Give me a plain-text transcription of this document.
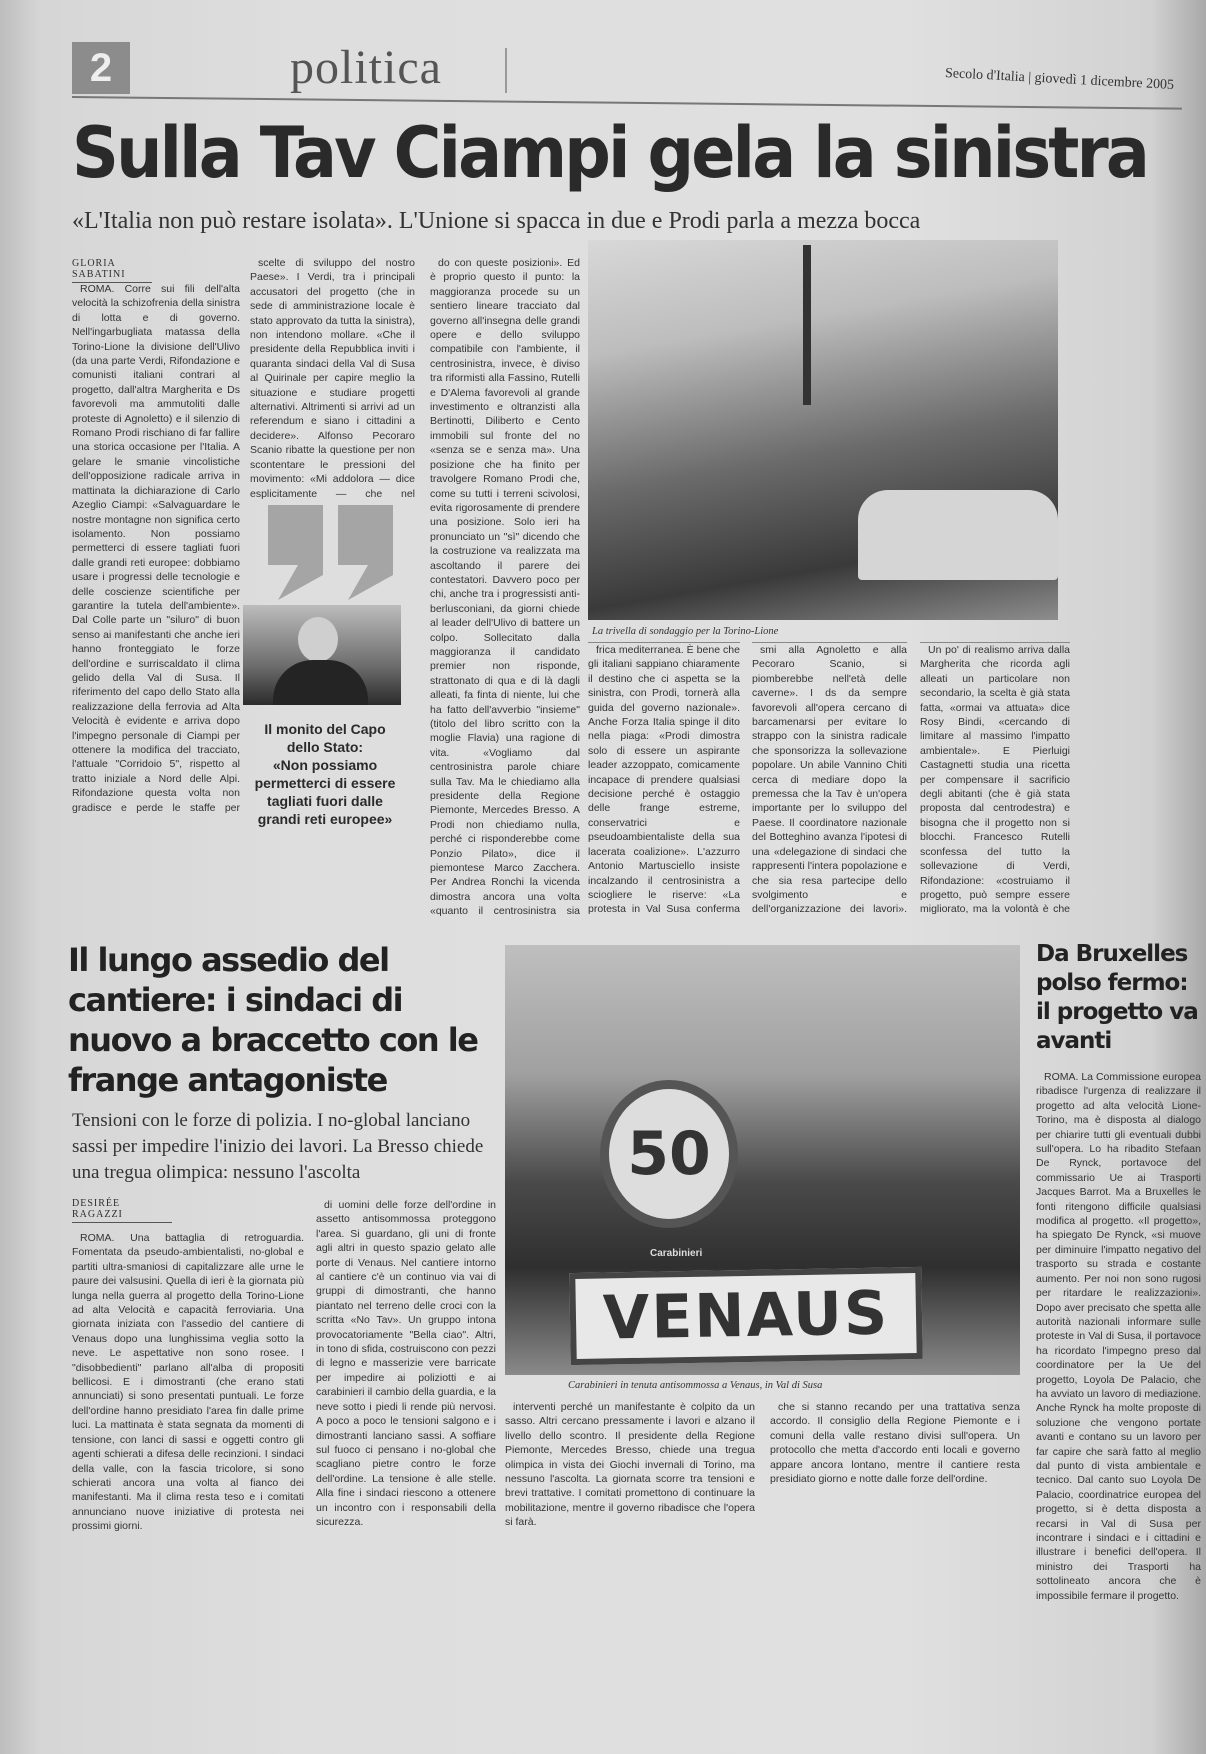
2	politica	Secolo d'Italia | giovedì 1 dicembre 2005
Sulla Tav Ciampi gela la sinistra
«L'Italia non può restare isolata». L'Unione si spacca in due e Prodi parla a mezza bocca
GLORIA SABATINI

ROMA. Corre sui fili dell'alta velocità la schizofrenia della sinistra di lotta e di governo. Nell'ingarbugliata matassa della Torino-Lione la divisione dell'Ulivo (da una parte Verdi, Rifondazione e comunisti italiani contrari al progetto, dall'altra Margherita e Ds favorevoli ma ammutoliti dalle proteste di Agnoletto) e il silenzio di Romano Prodi rischiano di far fallire una storica occasione per l'Italia. A gelare le smanie vincolistiche dell'opposizione radicale arriva in mattinata la dichiarazione di Carlo Azeglio Ciampi: «Salvaguardare le nostre montagne non significa certo isolamento. Non possiamo permetterci di essere tagliati fuori dalle grandi reti europee: dobbiamo usare i progressi delle tecnologie e delle coscienze scientifiche per garantire la tutela dell'ambiente». Dal Colle parte un "siluro" di buon senso ai manifestanti che anche ieri hanno fronteggiato le forze dell'ordine e surriscaldato il clima gelido della Val di Susa. Il riferimento del capo dello Stato alla realizzazione della ferrovia ad Alta Velocità è evidente e arriva dopo l'impegno personale di Ciampi per ottenere la modifica del tracciato, l'attuale "Corridoio 5", rispetto al tratto iniziale a Nord delle Alpi. Rifondazione questa volta non gradisce e perde le staffe per

scelte di sviluppo del nostro Paese». I Verdi, tra i principali accusatori del progetto (che in sede di amministrazione locale è stato approvato da tutta la sinistra), non intendono mollare. «Che il presidente della Repubblica inviti i quaranta sindaci della Val di Susa al Quirinale per capire meglio la situazione e studiare progetti alternativi. Altrimenti si arrivi ad un referendum e siano i cittadini a decidere». Alfonso Pecoraro Scanio ribatte la questione per non scontentare le pressioni del movimento: «Mi addolora — dice esplicitamente — che nel

Il monito del Capo dello Stato:
«Non possiamo permetterci di essere tagliati fuori dalle grandi reti europee»

do con queste posizioni». Ed è proprio questo il punto: la maggioranza procede su un sentiero lineare tracciato dal governo all'insegna delle grandi opere e dello sviluppo compatibile con l'ambiente, il centrosinistra, invece, è diviso tra riformisti alla Fassino, Rutelli e D'Alema favorevoli al grande investimento e oltranzisti alla Bertinotti, Diliberto e Cento immobili sul fronte del no «senza se e senza ma». Una posizione che ha finito per travolgere Romano Prodi che, come su tutti i terreni scivolosi, evita rigorosamente di prendere una posizione. Solo ieri ha pronunciato un "sì" dicendo che la costruzione va realizzata ma ascoltando il parere dei contestatori. Davvero poco per chi, anche tra i progressisti anti-berlusconiani, da giorni chiede al leader dell'Ulivo di battere un colpo. Sollecitato dalla maggioranza il candidato premier non risponde, strattonato di qua e di là dagli alleati, fa finta di niente, lui che ha fatto dell'avverbio "insieme" (titolo del libro scritto con la moglie Flavia) una ragione di vita. «Vogliamo dal centrosinistra parole chiare sulla Tav. Ma le chiediamo alla presidente della Regione Piemonte, Mercedes Bresso. A Prodi non chiediamo nulla, perché ci risponderebbe come Ponzio Pilato», dice il piemontese Marco Zacchera. Per Andrea Ronchi la vicenda dimostra ancora una volta «quanto il centrosinistra sia

La trivella di sondaggio per la Torino-Lione

frica mediterranea. È bene che gli italiani sappiano chiaramente il destino che ci aspetta se la sinistra, con Prodi, tornerà alla guida del governo nazionale». Anche Forza Italia spinge il dito nella piaga: «Prodi dimostra solo di essere un aspirante leader azzoppato, comicamente incapace di prendere qualsiasi decisione perché è ostaggio delle frange estreme, conservatrici e pseudoambientaliste della sua lacerata coalizione». L'azzurro Antonio Martusciello insiste incalzando il centrosinistra a sciogliere le riserve: «La protesta in Val Susa conferma

smi alla Agnoletto e alla Pecoraro Scanio, si piomberebbe nell'età delle caverne». I ds da sempre favorevoli all'opera cercano di barcamenarsi per evitare lo strappo con la sinistra radicale che sponsorizza la sollevazione popolare. Un abile Vannino Chiti cerca di mediare dopo la premessa che la Tav è un'opera importante per lo sviluppo del Paese. Il coordinatore nazionale del Botteghino avanza l'ipotesi di una «delegazione di sindaci che rappresenti l'intera popolazione e che sia resa partecipe dello svolgimento e dell'organizzazione dei lavori».

Un po' di realismo arriva dalla Margherita che ricorda agli alleati un particolare non secondario, la scelta è già stata fatta, «ormai va attuata» dice Rosy Bindi, «cercando di limitare al massimo l'impatto ambientale». E Pierluigi Castagnetti studia una ricetta per compensare il sacrificio degli abitanti (che è già stata proposta dal centrodestra) e bisogna che il progetto non si blocchi. Francesco Rutelli sconfessa del tutto la sollevazione di Verdi, Rifondazione: «costruiamo il progetto, può sempre essere migliorato, ma la volontà è che

Il lungo assedio del cantiere: i sindaci di nuovo a braccetto con le frange antagoniste
Tensioni con le forze di polizia. I no-global lanciano sassi per impedire l'inizio dei lavori. La Bresso chiede una tregua olimpica: nessuno l'ascolta
DESIRÉE RAGAZZI

ROMA. Una battaglia di retroguardia. Fomentata da pseudo-ambientalisti, no-global e partiti ultra-smaniosi di capitalizzare alle urne le paure dei valsusini. Quella di ieri è la giornata più lunga nella guerra al progetto della Torino-Lione ad alta Velocità e capacità ferroviaria. Una giornata iniziata con l'assedio del cantiere di Venaus dopo una lunghissima veglia sotto la neve. Le aspettative non sono rosee. I "disobbedienti" parlano all'alba di propositi bellicosi. E i dimostranti (che erano stati annunciati) si sono presentati puntuali. Le forze dell'ordine hanno presidiato l'area fin dalle prime luci. La mattinata è stata segnata da momenti di tensione, con lanci di sassi e oggetti contro gli agenti schierati a difesa delle recinzioni. I sindaci della valle, con la fascia tricolore, si sono schierati ancora una volta al fianco dei manifestanti. Ma il clima resta teso e i comitati annunciano nuove iniziative di protesta nei prossimi giorni.

di uomini delle forze dell'ordine in assetto antisommossa proteggono l'area. Si guardano, gli uni di fronte agli altri in questo spazio gelato alle porte di Venaus. Nel cantiere intorno al cantiere c'è un continuo via vai di gruppi di dimostranti, che hanno piantato nel terreno delle croci con la scritta «No Tav». Un gruppo intona provocatoriamente "Bella ciao". Altri, in tono di sfida, costruiscono con pezzi di legno e masserizie vere barricate per impedire ai poliziotti e ai carabinieri il cambio della guardia, e la neve sotto i piedi li rende più nervosi. A poco a poco le tensioni salgono e i dimostranti lanciano sassi. A soffiare sul fuoco ci pensano i no-global che scagliano pietre contro le forze dell'ordine. La tensione è alle stelle. Alla fine i sindaci riescono a ottenere un incontro con i responsabili della sicurezza.

50
Carabinieri
VENAUS
Carabinieri in tenuta antisommossa a Venaus, in Val di Susa

interventi perché un manifestante è colpito da un sasso. Altri cercano pressamente i lavori e alzano il livello dello scontro. Il presidente della Regione Piemonte, Mercedes Bresso, chiede una tregua olimpica in vista dei Giochi invernali di Torino, ma nessuno l'ascolta. La giornata scorre tra tensioni e brevi trattative. I comitati promettono di continuare la mobilitazione, mentre il governo ribadisce che l'opera si farà.

che si stanno recando per una trattativa senza accordo. Il consiglio della Regione Piemonte e i comuni della valle restano divisi sull'opera. Un protocollo che metta d'accordo enti locali e governo appare ancora lontano, mentre il cantiere resta presidiato giorno e notte dalle forze dell'ordine.

Da Bruxelles polso fermo: il progetto va avanti

ROMA. La Commissione europea ribadisce l'urgenza di realizzare il progetto ad alta velocità Lione-Torino, ma è disposta al dialogo per chiarire tutti gli eventuali dubbi sull'opera. Lo ha ribadito Stefaan De Rynck, portavoce del commissario Ue ai Trasporti Jacques Barrot. Ma a Bruxelles le fonti ritengono difficile qualsiasi modifica al progetto. «Il progetto», ha spiegato De Rynck, «si muove per diminuire l'impatto negativo del trasporto su strada e costante aumento. Per noi non sono rugosi per ritardare le realizzazioni». Dopo aver precisato che spetta alle autorità nazionali informare sulle proteste in Val di Susa, il portavoce ha ricordato l'impegno preso dal coordinatore per la Ue del progetto, Loyola De Palacio, che ha avviato un lavoro di mediazione. Anche Rynck ha molte proposte di soluzione che vengono portate avanti e contano su un lavoro per far capire che sarà fatto al meglio dal punto di vista ambientale e tecnico. Dal canto suo Loyola De Palacio, coordinatrice europea del progetto, si è detta disposta a recarsi in Val di Susa per incontrare i sindaci e i cittadini e illustrare i benefici dell'opera. Il ministro dei Trasporti ha sottolineato ancora che è impossibile fermare il progetto.
